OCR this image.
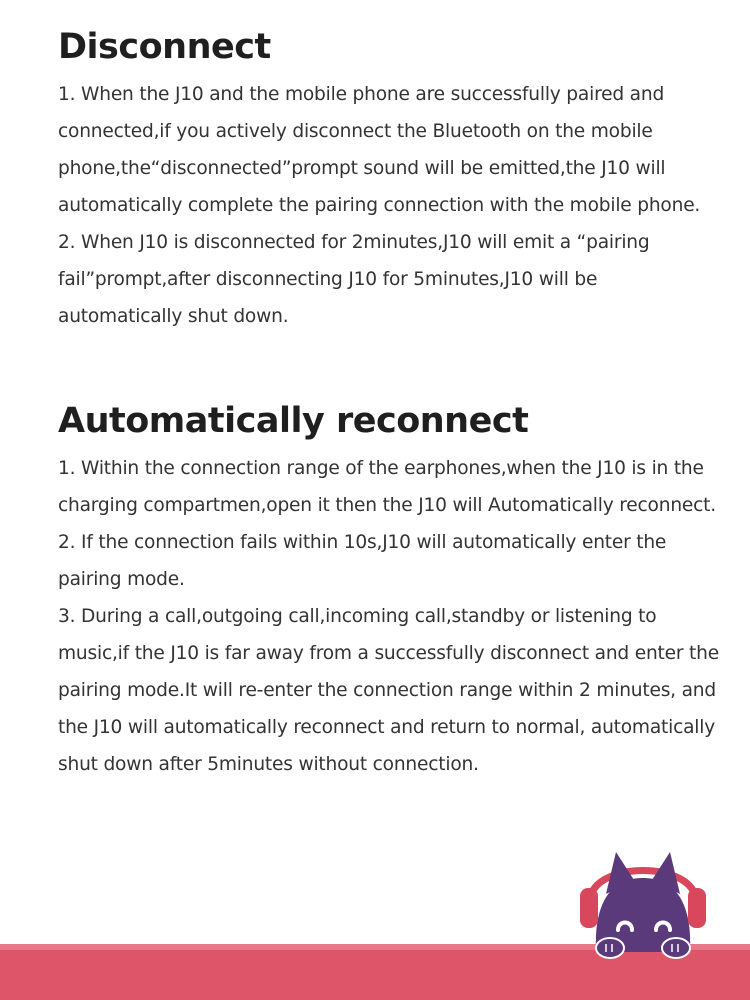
Disconnect

1. When the J10 and the mobile phone are successfully paired and connected,if you actively disconnect the Bluetooth on the mobile phone,the“disconnected”prompt sound will be emitted,the J10 will automatically complete the pairing connection with the mobile phone.

2. When J10 is disconnected for 2minutes,J10 will emit a “pairing fail”prompt,after disconnecting J10 for 5minutes,J10 will be automatically shut down.

Automatically reconnect

1. Within the connection range of the earphones,when the J10 is in the charging compartmen,open it then the J10 will Automatically reconnect.

2. If the connection fails within 10s,J10 will automatically enter the pairing mode.

3. During a call,outgoing call,incoming call,standby or listening to music,if the J10 is far away from a successfully disconnect and enter the pairing mode.It will re-enter the connection range within 2 minutes, and the J10 will automatically reconnect and return to normal, automatically shut down after 5minutes without connection.
